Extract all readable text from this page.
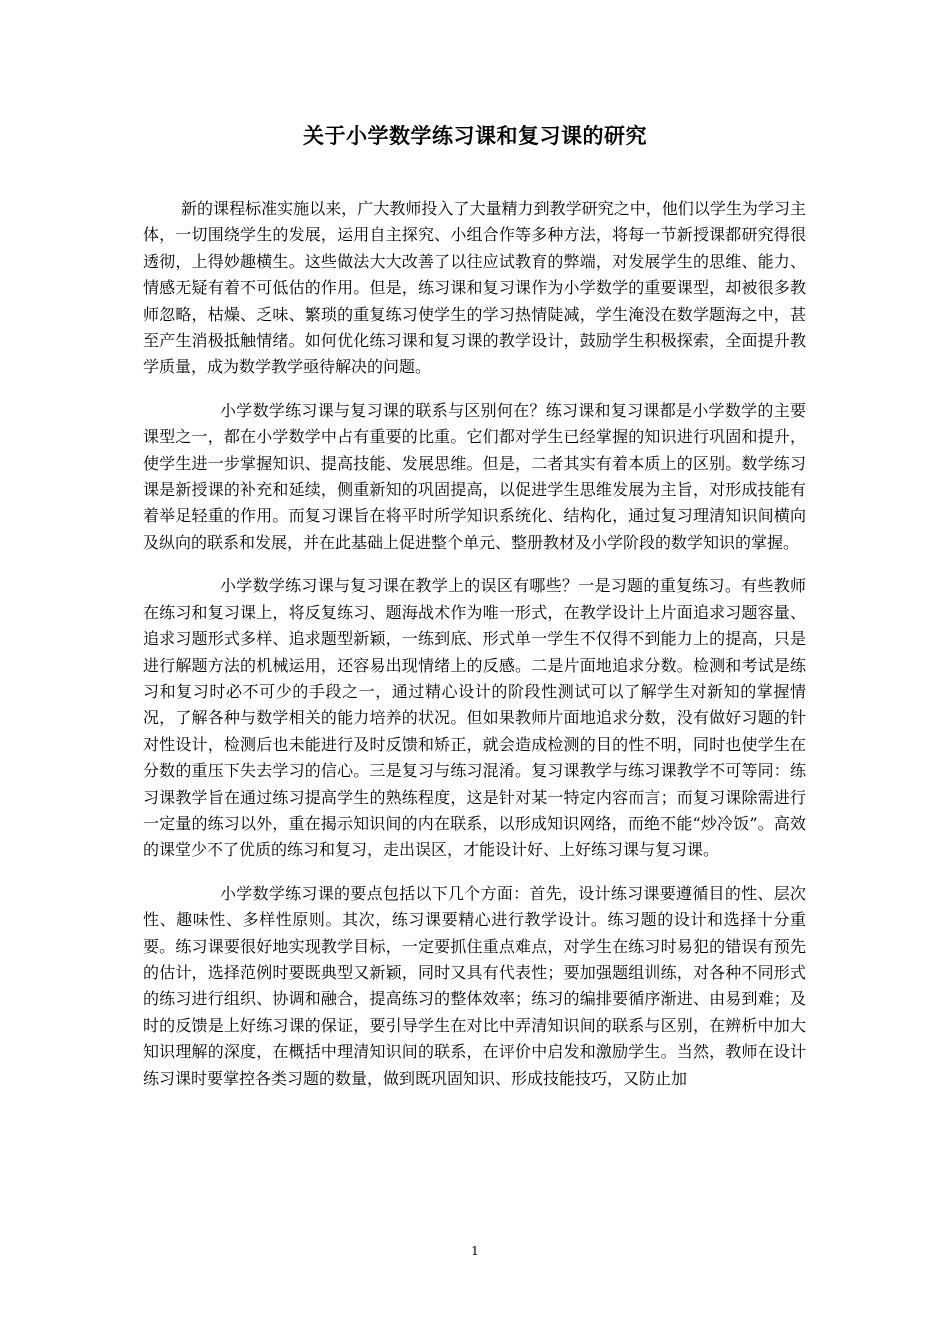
关于小学数学练习课和复习课的研究

新的课程标准实施以来，广大教师投入了大量精力到教学研究之中，他们以学生为学习主体，一切围绕学生的发展，运用自主探究、小组合作等多种方法，将每一节新授课都研究得很透彻，上得妙趣横生。这些做法大大改善了以往应试教育的弊端，对发展学生的思维、能力、情感无疑有着不可低估的作用。但是，练习课和复习课作为小学数学的重要课型，却被很多教师忽略，枯燥、乏味、繁琐的重复练习使学生的学习热情陡减，学生淹没在数学题海之中，甚至产生消极抵触情绪。如何优化练习课和复习课的教学设计，鼓励学生积极探索，全面提升教学质量，成为数学教学亟待解决的问题。

小学数学练习课与复习课的联系与区别何在？练习课和复习课都是小学数学的主要课型之一，都在小学数学中占有重要的比重。它们都对学生已经掌握的知识进行巩固和提升，使学生进一步掌握知识、提高技能、发展思维。但是，二者其实有着本质上的区别。数学练习课是新授课的补充和延续，侧重新知的巩固提高，以促进学生思维发展为主旨，对形成技能有着举足轻重的作用。而复习课旨在将平时所学知识系统化、结构化，通过复习理清知识间横向及纵向的联系和发展，并在此基础上促进整个单元、整册教材及小学阶段的数学知识的掌握。

小学数学练习课与复习课在教学上的误区有哪些？一是习题的重复练习。有些教师在练习和复习课上，将反复练习、题海战术作为唯一形式，在教学设计上片面追求习题容量、追求习题形式多样、追求题型新颖，一练到底、形式单一学生不仅得不到能力上的提高，只是进行解题方法的机械运用，还容易出现情绪上的反感。二是片面地追求分数。检测和考试是练习和复习时必不可少的手段之一，通过精心设计的阶段性测试可以了解学生对新知的掌握情况，了解各种与数学相关的能力培养的状况。但如果教师片面地追求分数，没有做好习题的针对性设计，检测后也未能进行及时反馈和矫正，就会造成检测的目的性不明，同时也使学生在分数的重压下失去学习的信心。三是复习与练习混淆。复习课教学与练习课教学不可等同：练习课教学旨在通过练习提高学生的熟练程度，这是针对某一特定内容而言；而复习课除需进行一定量的练习以外，重在揭示知识间的内在联系，以形成知识网络，而绝不能“炒冷饭”。高效的课堂少不了优质的练习和复习，走出误区，才能设计好、上好练习课与复习课。

小学数学练习课的要点包括以下几个方面：首先，设计练习课要遵循目的性、层次性、趣味性、多样性原则。其次，练习课要精心进行教学设计。练习题的设计和选择十分重要。练习课要很好地实现教学目标，一定要抓住重点难点，对学生在练习时易犯的错误有预先的估计，选择范例时要既典型又新颖，同时又具有代表性；要加强题组训练，对各种不同形式的练习进行组织、协调和融合，提高练习的整体效率；练习的编排要循序渐进、由易到难；及时的反馈是上好练习课的保证，要引导学生在对比中弄清知识间的联系与区别，在辨析中加大知识理解的深度，在概括中理清知识间的联系，在评价中启发和激励学生。当然，教师在设计练习课时要掌控各类习题的数量，做到既巩固知识、形成技能技巧，又防止加

1
